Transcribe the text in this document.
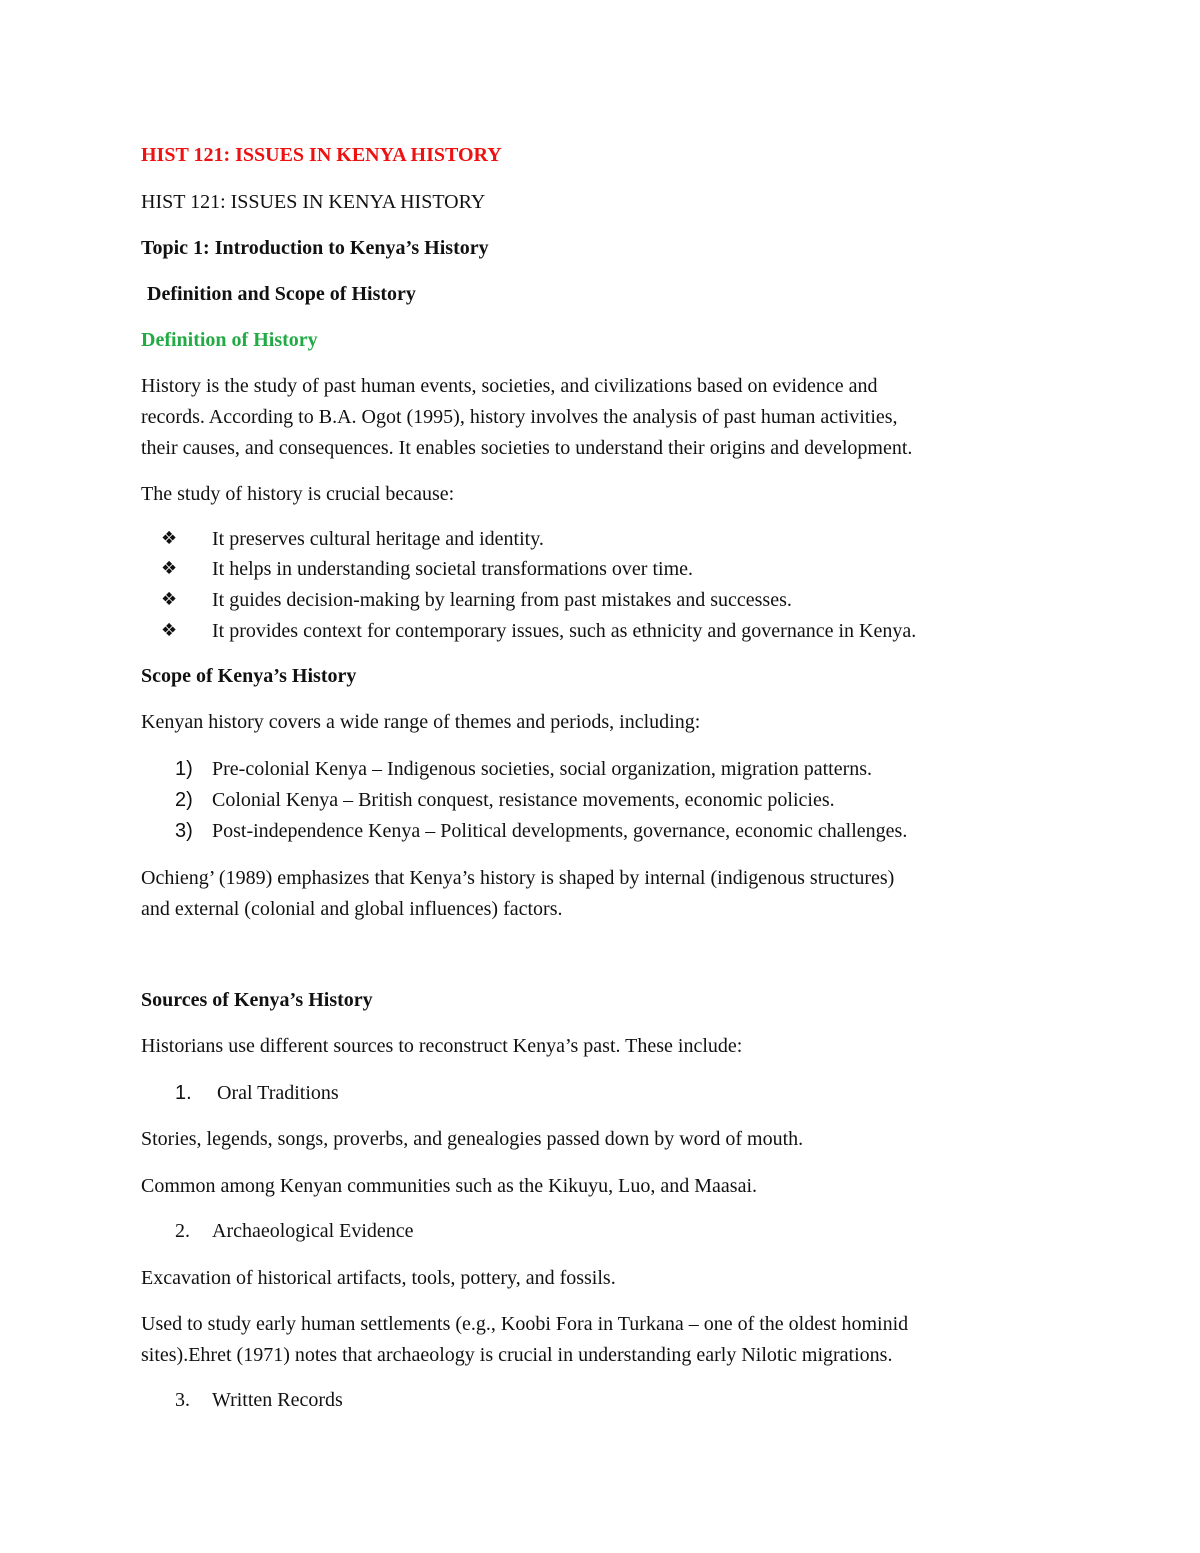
HIST 121: ISSUES IN KENYA HISTORY

HIST 121: ISSUES IN KENYA HISTORY

Topic 1: Introduction to Kenya’s History

Definition and Scope of History

Definition of History

History is the study of past human events, societies, and civilizations based on evidence and

records. According to B.A. Ogot (1995), history involves the analysis of past human activities,

their causes, and consequences. It enables societies to understand their origins and development.

The study of history is crucial because:

❖ It preserves cultural heritage and identity.

❖ It helps in understanding societal transformations over time.

❖ It guides decision-making by learning from past mistakes and successes.

❖ It provides context for contemporary issues, such as ethnicity and governance in Kenya.

Scope of Kenya’s History

Kenyan history covers a wide range of themes and periods, including:

1) Pre-colonial Kenya – Indigenous societies, social organization, migration patterns.

2) Colonial Kenya – British conquest, resistance movements, economic policies.

3) Post-independence Kenya – Political developments, governance, economic challenges.

Ochieng’ (1989) emphasizes that Kenya’s history is shaped by internal (indigenous structures)

and external (colonial and global influences) factors.

Sources of Kenya’s History

Historians use different sources to reconstruct Kenya’s past. These include:

1. Oral Traditions

Stories, legends, songs, proverbs, and genealogies passed down by word of mouth.

Common among Kenyan communities such as the Kikuyu, Luo, and Maasai.

2. Archaeological Evidence

Excavation of historical artifacts, tools, pottery, and fossils.

Used to study early human settlements (e.g., Koobi Fora in Turkana – one of the oldest hominid

sites).Ehret (1971) notes that archaeology is crucial in understanding early Nilotic migrations.

3. Written Records
